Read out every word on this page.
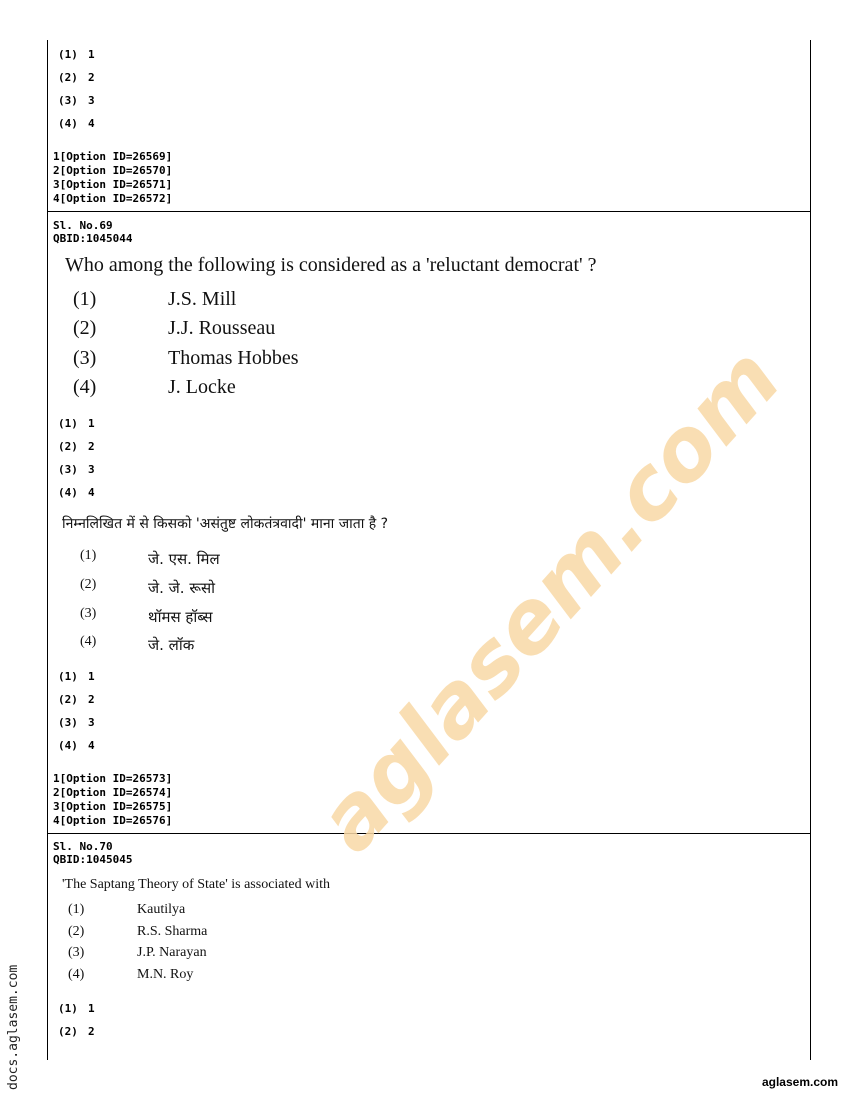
(1) 1
(2) 2
(3) 3
(4) 4
1[Option ID=26569]
2[Option ID=26570]
3[Option ID=26571]
4[Option ID=26572]
Sl. No.69
QBID:1045044
Who among the following is considered as a 'reluctant democrat' ?
(1)	J.S. Mill
(2)	J.J. Rousseau
(3)	Thomas Hobbes
(4)	J. Locke
(1) 1
(2) 2
(3) 3
(4) 4
निम्नलिखित में से किसको 'असंतुष्ट लोकतंत्रवादी' माना जाता है ?
(1)	जे. एस. मिल
(2)	जे. जे. रूसो
(3)	थॉमस हॉब्स
(4)	जे. लॉक
(1) 1
(2) 2
(3) 3
(4) 4
1[Option ID=26573]
2[Option ID=26574]
3[Option ID=26575]
4[Option ID=26576]
Sl. No.70
QBID:1045045
'The Saptang Theory of State' is associated with
(1)	Kautilya
(2)	R.S. Sharma
(3)	J.P. Narayan
(4)	M.N. Roy
(1) 1
(2) 2
aglasem.com
docs.aglasem.com	aglasem.com
